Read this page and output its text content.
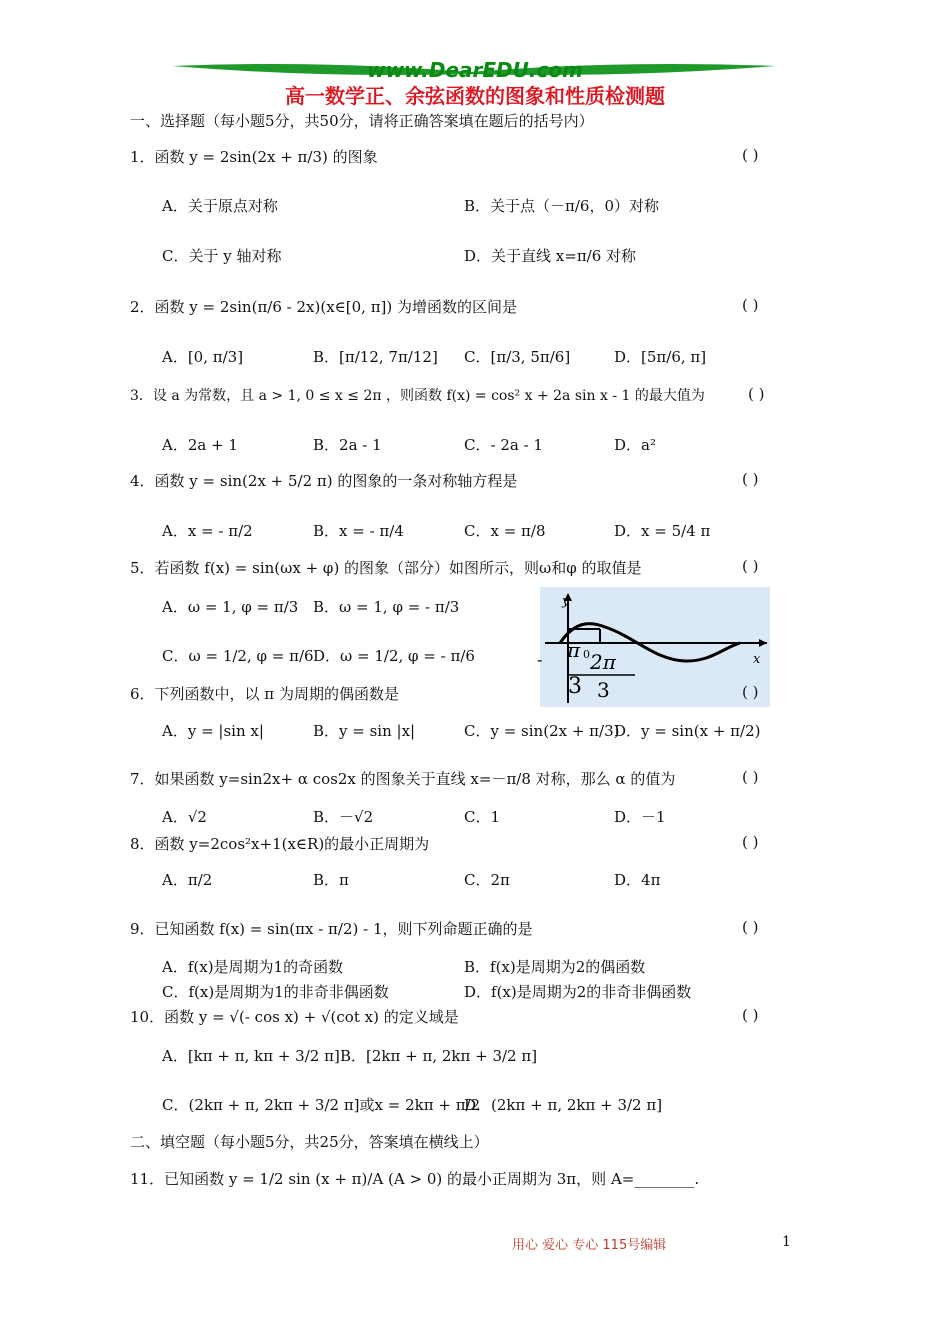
www.DearEDU.com
高一数学正、余弦函数的图象和性质检测题
一、选择题（每小题5分，共50分，请将正确答案填在题后的括号内）
1．函数 y = 2sin(2x + π/3) 的图象	( )
A．关于原点对称	B．关于点（－π/6，0）对称
C．关于 y 轴对称	D．关于直线 x=π/6 对称
2．函数 y = 2sin(π/6 - 2x)(x∈[0, π]) 为增函数的区间是	( )
A．[0, π/3]	B．[π/12, 7π/12] C．[π/3, 5π/6]	D．[5π/6, π]
3．设 a 为常数，且 a > 1, 0 ≤ x ≤ 2π ，则函数 f(x) = cos² x + 2a sin x - 1 的最大值为	( )
A．2a + 1	B．2a - 1	C．- 2a - 1	D．a²
4．函数 y = sin(2x + 5/2 π) 的图象的一条对称轴方程是	( )
A．x = - π/2	B．x = - π/4	C．x = π/8	D．x = 5/4 π
5．若函数 f(x) = sin(ωx + φ) 的图象（部分）如图所示，则ω和φ 的取值是	( )
A．ω = 1, φ = π/3 B．ω = 1, φ = - π/3
C．ω = 1/2, φ = π/6 D．ω = 1/2, φ = - π/6
y
x
0
- π
3
2π
3
6．下列函数中，以 π 为周期的偶函数是	( )
A．y = |sin x|	B．y = sin |x|	C．y = sin(2x + π/3)
D．y = sin(x + π/2)
7．如果函数 y=sin2x+ α cos2x 的图象关于直线 x=－π/8 对称，那么 α 的值为	( )
A．√2	B．－√2	C．1	D．－1
8．函数 y=2cos²x+1(x∈R)的最小正周期为	( )
A．π/2	B．π	C．2π	D．4π
9．已知函数 f(x) = sin(πx - π/2) - 1，则下列命题正确的是	( )
A．f(x)是周期为1的奇函数	B．f(x)是周期为2的偶函数
C．f(x)是周期为1的非奇非偶函数	D．f(x)是周期为2的非奇非偶函数
10．函数 y = √(- cos x) + √(cot x) 的定义域是	( )
A．[kπ + π, kπ + 3/2 π] B．[2kπ + π, 2kπ + 3/2 π]
C．(2kπ + π, 2kπ + 3/2 π]或x = 2kπ + π/2
D．(2kπ + π, 2kπ + 3/2 π]
二、填空题（每小题5分，共25分，答案填在横线上）
11．已知函数 y = 1/2 sin (x + π)/A (A > 0) 的最小正周期为 3π，则 A=________.
用心 爱心 专心 115号编辑	1
